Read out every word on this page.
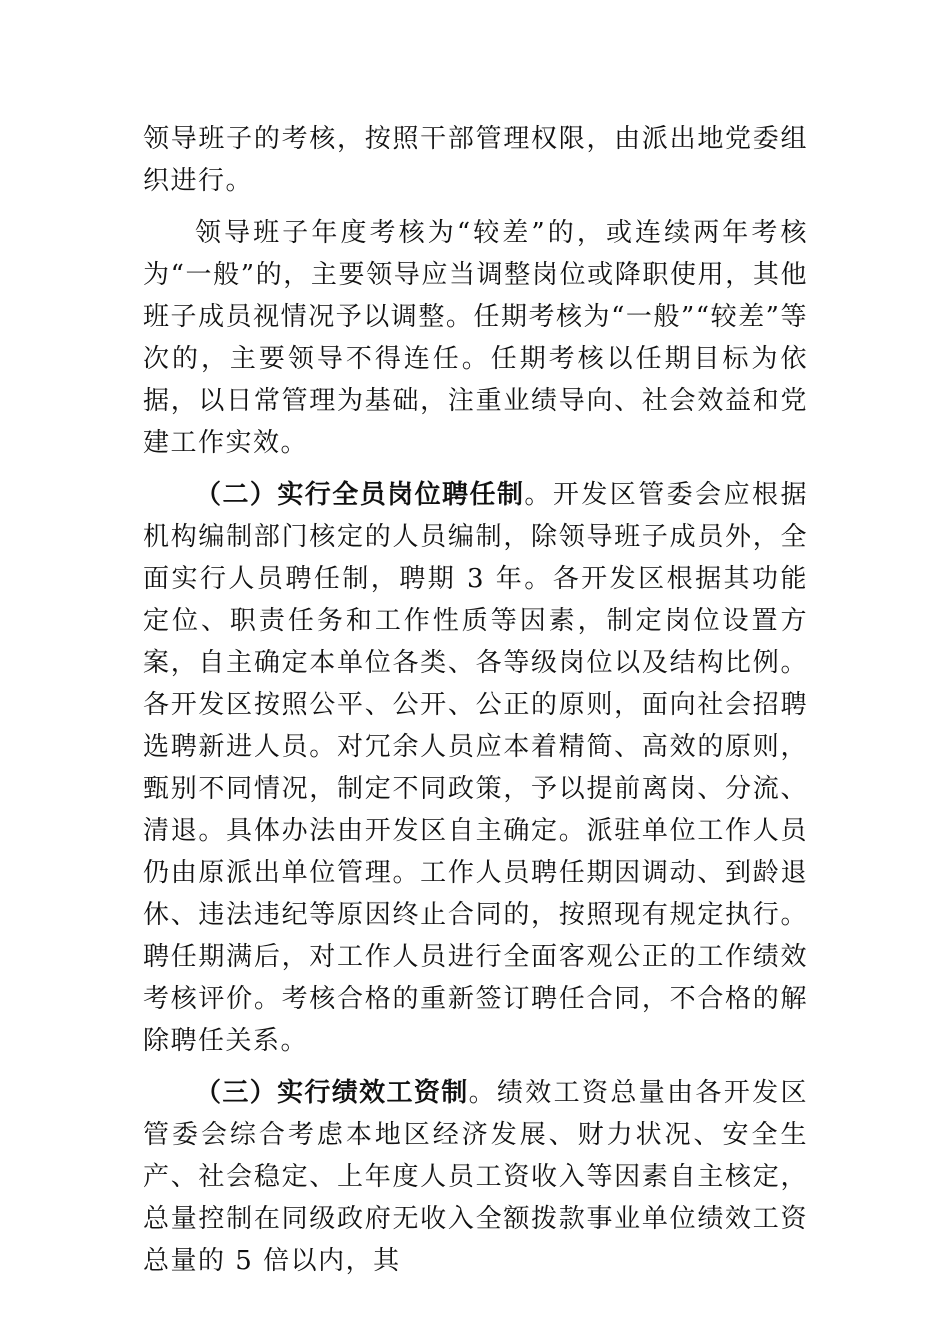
领导班子的考核，按照干部管理权限，由派出地党委组织进行。

领导班子年度考核为“较差”的，或连续两年考核为“一般”的，主要领导应当调整岗位或降职使用，其他班子成员视情况予以调整。任期考核为“一般”“较差”等次的，主要领导不得连任。任期考核以任期目标为依据，以日常管理为基础，注重业绩导向、社会效益和党建工作实效。

（二）实行全员岗位聘任制。开发区管委会应根据机构编制部门核定的人员编制，除领导班子成员外，全面实行人员聘任制，聘期 3 年。各开发区根据其功能定位、职责任务和工作性质等因素，制定岗位设置方案，自主确定本单位各类、各等级岗位以及结构比例。各开发区按照公平、公开、公正的原则，面向社会招聘选聘新进人员。对冗余人员应本着精简、高效的原则，甄别不同情况，制定不同政策，予以提前离岗、分流、清退。具体办法由开发区自主确定。派驻单位工作人员仍由原派出单位管理。工作人员聘任期因调动、到龄退休、违法违纪等原因终止合同的，按照现有规定执行。聘任期满后，对工作人员进行全面客观公正的工作绩效考核评价。考核合格的重新签订聘任合同，不合格的解除聘任关系。

（三）实行绩效工资制。绩效工资总量由各开发区管委会综合考虑本地区经济发展、财力状况、安全生产、社会稳定、上年度人员工资收入等因素自主核定，总量控制在同级政府无收入全额拨款事业单位绩效工资总量的 5 倍以内，其
